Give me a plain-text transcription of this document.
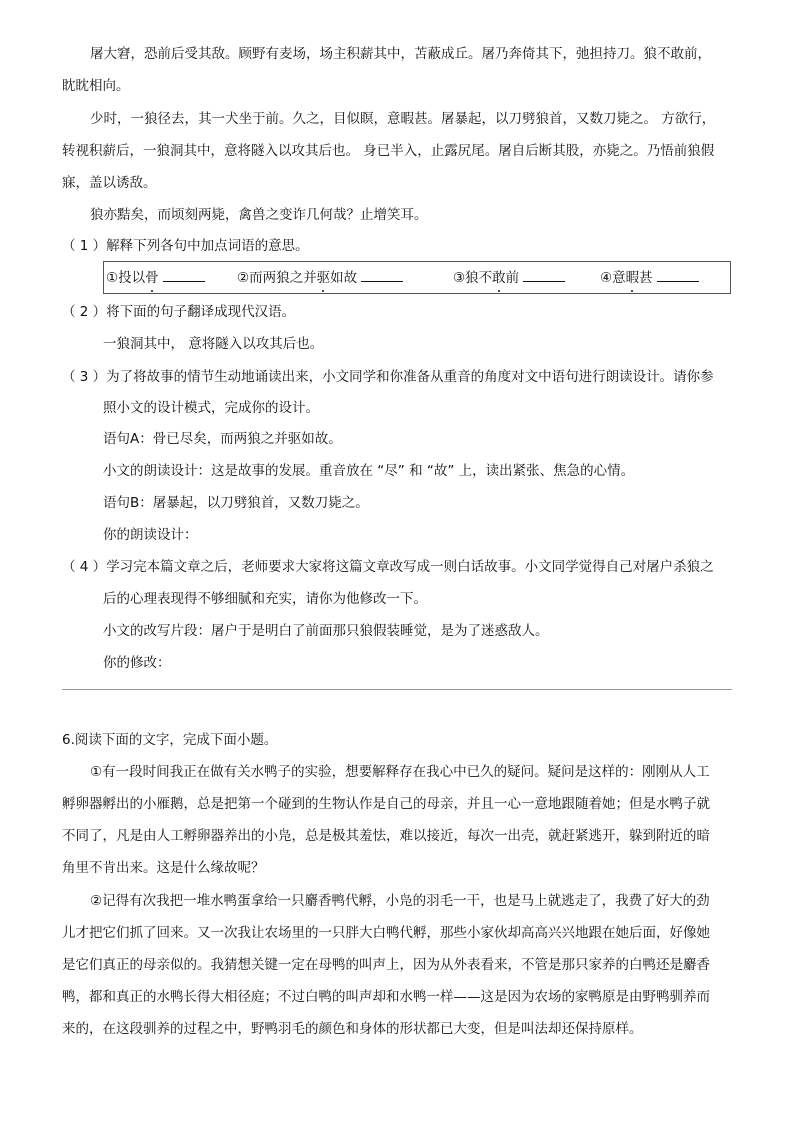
屠大窘，恐前后受其敌。顾野有麦场，场主积薪其中，苫蔽成丘。屠乃奔倚其下，弛担持刀。狼不敢前，
眈眈相向。
少时，一狼径去，其一犬坐于前。久之，目似瞑，意暇甚。屠暴起，以刀劈狼首，又数刀毙之。 方欲行，
转视积薪后，一狼洞其中，意将隧入以攻其后也。 身已半入，止露尻尾。屠自后断其股，亦毙之。乃悟前狼假
寐，盖以诱敌。
狼亦黠矣，而顷刻两毙，禽兽之变诈几何哉？止增笑耳。
（ 1 ）解释下列各句中加点词语的意思。
①投以骨	②而两狼之并驱如故	③狼不敢前	④意暇甚
（ 2 ）将下面的句子翻译成现代汉语。
一狼洞其中， 意将隧入以攻其后也。
（ 3 ）为了将故事的情节生动地诵读出来，小文同学和你准备从重音的角度对文中语句进行朗读设计。请你参
照小文的设计模式，完成你的设计。
语句A：骨已尽矣，而两狼之并驱如故。
小文的朗读设计：这是故事的发展。重音放在 “尽” 和 “故” 上，读出紧张、焦急的心情。
语句B：屠暴起，以刀劈狼首，又数刀毙之。
你的朗读设计：
（ 4 ）学习完本篇文章之后，老师要求大家将这篇文章改写成一则白话故事。小文同学觉得自己对屠户杀狼之
后的心理表现得不够细腻和充实，请你为他修改一下。
小文的改写片段：屠户于是明白了前面那只狼假装睡觉，是为了迷惑敌人。
你的修改：
6.阅读下面的文字，完成下面小题。
①有一段时间我正在做有关水鸭子的实验，想要解释存在我心中已久的疑问。疑问是这样的：刚刚从人工
孵卵器孵出的小雁鹅，总是把第一个碰到的生物认作是自己的母亲，并且一心一意地跟随着她；但是水鸭子就
不同了，凡是由人工孵卵器养出的小凫，总是极其羞怯，难以接近，每次一出壳，就赶紧逃开，躲到附近的暗
角里不肯出来。这是什么缘故呢？
②记得有次我把一堆水鸭蛋拿给一只麝香鸭代孵，小凫的羽毛一干，也是马上就逃走了，我费了好大的劲
儿才把它们抓了回来。又一次我让农场里的一只胖大白鸭代孵，那些小家伙却高高兴兴地跟在她后面，好像她
是它们真正的母亲似的。我猜想关键一定在母鸭的叫声上，因为从外表看来，不管是那只家养的白鸭还是麝香
鸭，都和真正的水鸭长得大相径庭；不过白鸭的叫声却和水鸭一样——这是因为农场的家鸭原是由野鸭驯养而
来的，在这段驯养的过程之中，野鸭羽毛的颜色和身体的形状都已大变，但是叫法却还保持原样。
